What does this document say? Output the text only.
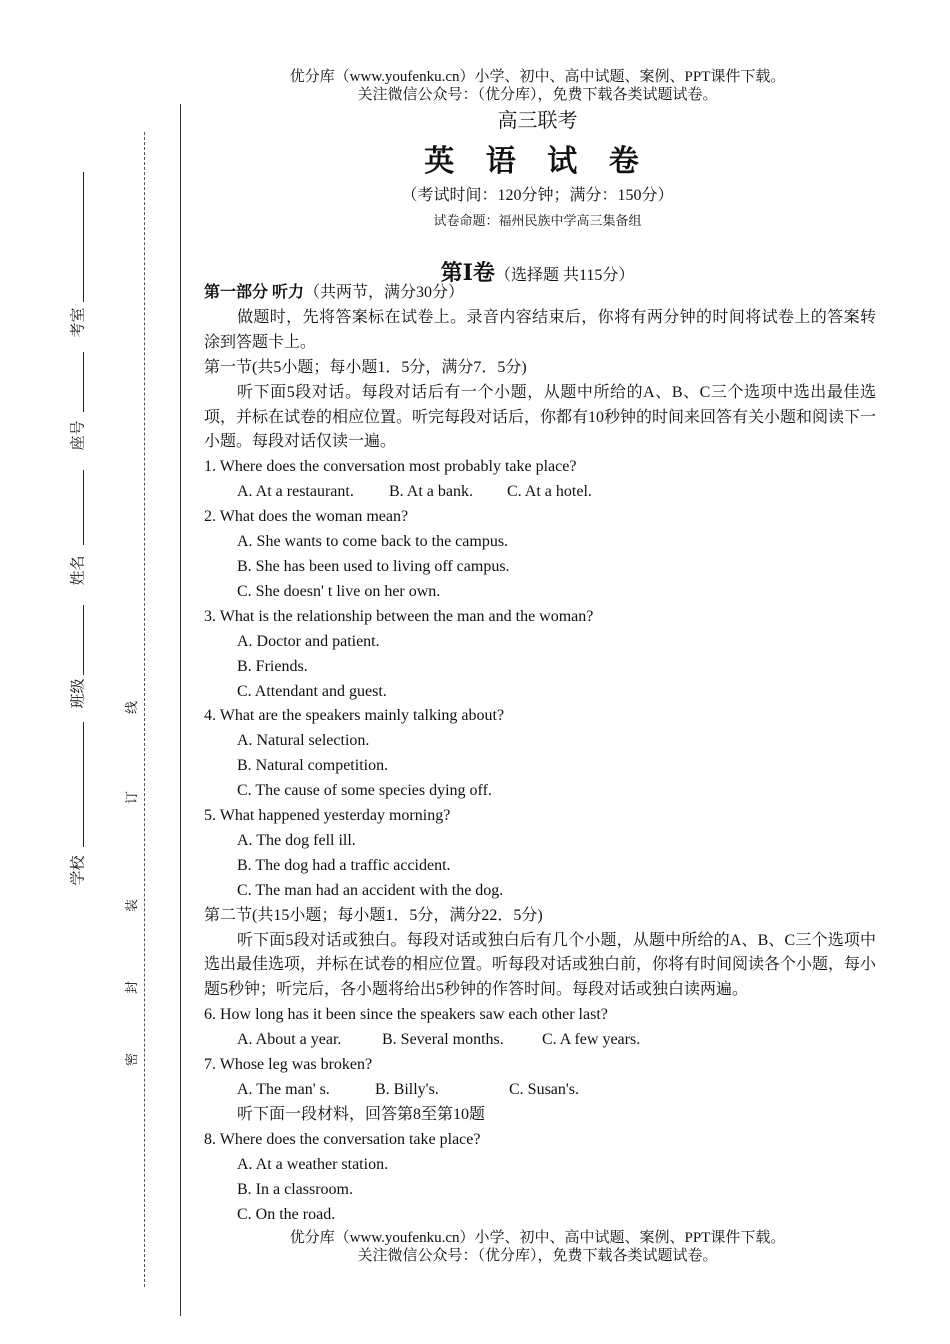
优分库（www.youfenku.cn）小学、初中、高中试题、案例、PPT课件下载。
关注微信公众号：（优分库），免费下载各类试题试卷。
高三联考
英 语 试 卷
（考试时间：120分钟；满分：150分）
试卷命题：福州民族中学高三集备组
第Ⅰ卷（选择题 共115分）
考室
座号
姓名
班级
学校
线
订
装
封
密
第一部分 听力（共两节，满分30分）
做题时，先将答案标在试卷上。录音内容结束后，你将有两分钟的时间将试卷上的答案转涂到答题卡上。
第一节(共5小题；每小题1．5分，满分7．5分)
听下面5段对话。每段对话后有一个小题，从题中所给的A、B、C三个选项中选出最佳选项，并标在试卷的相应位置。听完每段对话后，你都有10秒钟的时间来回答有关小题和阅读下一小题。每段对话仅读一遍。
1. Where does the conversation most probably take place?
A. At a restaurant. B. At a bank. C. At a hotel.
2. What does the woman mean?
A. She wants to come back to the campus.
B. She has been used to living off campus.
C. She doesn' t live on her own.
3. What is the relationship between the man and the woman?
A. Doctor and patient.
B. Friends.
C. Attendant and guest.
4. What are the speakers mainly talking about?
A. Natural selection.
B. Natural competition.
C. The cause of some species dying off.
5. What happened yesterday morning?
A. The dog fell ill.
B. The dog had a traffic accident.
C. The man had an accident with the dog.
第二节(共15小题；每小题1．5分，满分22．5分)
听下面5段对话或独白。每段对话或独白后有几个小题，从题中所给的A、B、C三个选项中选出最佳选项，并标在试卷的相应位置。听每段对话或独白前，你将有时间阅读各个小题，每小题5秒钟；听完后，各小题将给出5秒钟的作答时间。每段对话或独白读两遍。
6. How long has it been since the speakers saw each other last?
A. About a year.	B. Several months. C. A few years.
7. Whose leg was broken?
A. The man' s.	B. Billy's.	C. Susan's.
听下面一段材料，回答第8至第10题
8. Where does the conversation take place?
A. At a weather station.
B. In a classroom.
C. On the road.
优分库（www.youfenku.cn）小学、初中、高中试题、案例、PPT课件下载。
关注微信公众号：（优分库），免费下载各类试题试卷。
